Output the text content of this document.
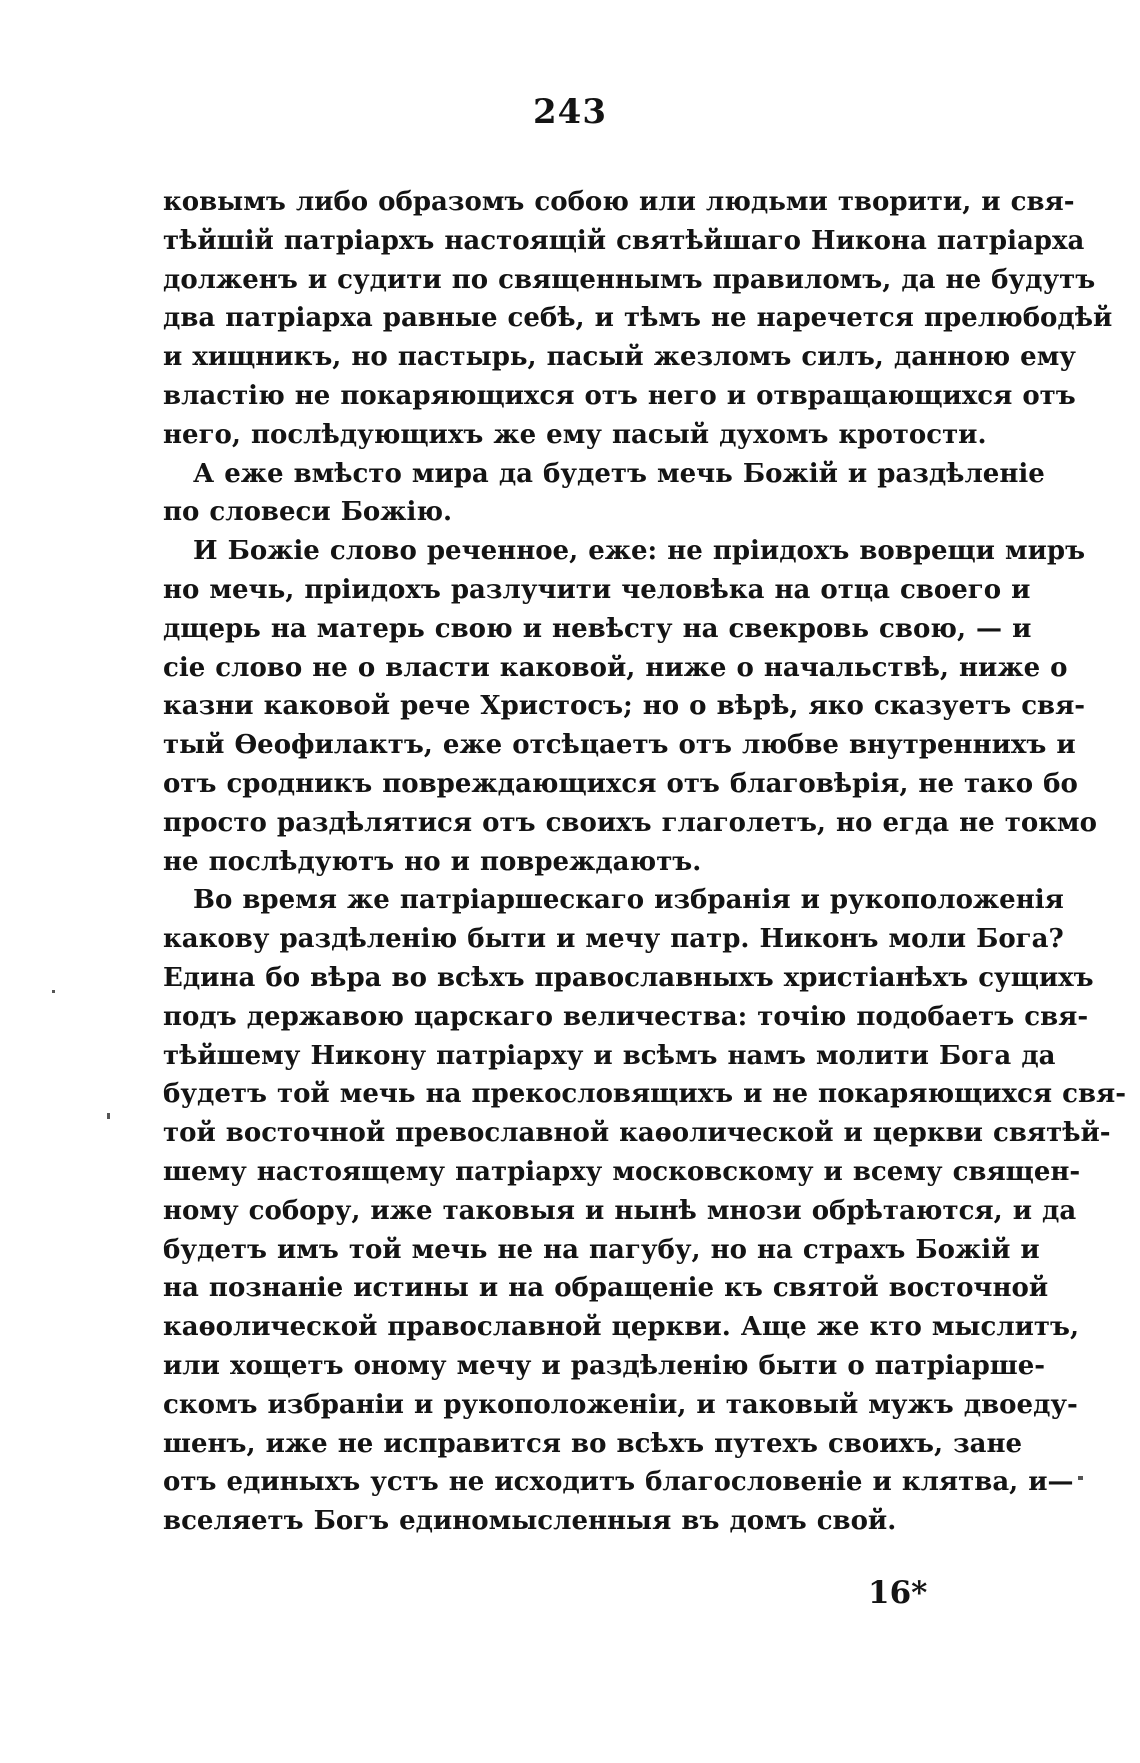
243
ковымъ либо образомъ собою или людьми творити, и свя-
тѣйшій патріархъ настоящій святѣйшаго Никона патріарха
долженъ и судити по священнымъ правиломъ, да не будутъ
два патріарха равные себѣ, и тѣмъ не наречется прелюбодѣй
и хищникъ, но пастырь, пасый жезломъ силъ, данною ему
властію не покаряющихся отъ него и отвращающихся отъ
него, послѣдующихъ же ему пасый духомъ кротости.
А еже вмѣсто мира да будетъ мечь Божій и раздѣленіе
по словеси Божію.
И Божіе слово реченное, еже: не пріидохъ воврещи миръ
но мечь, пріидохъ разлучити человѣка на отца своего и
дщерь на матерь свою и невѣсту на свекровь свою, — и
сіе слово не о власти каковой, ниже о начальствѣ, ниже о
казни каковой рече Христосъ; но о вѣрѣ, яко сказуетъ свя-
тый Ѳеофилактъ, еже отсѣцаетъ отъ любве внутреннихъ и
отъ сродникъ повреждающихся отъ благовѣрія, не тако бо
просто раздѣлятися отъ своихъ глаголетъ, но егда не токмо
не послѣдуютъ но и повреждаютъ.
Во время же патріаршескаго избранія и рукоположенія
какову раздѣленію быти и мечу патр. Никонъ моли Бога?
Едина бо вѣра во всѣхъ православныхъ христіанѣхъ сущихъ
подъ державою царскаго величества: точію подобаетъ свя-
тѣйшему Никону патріарху и всѣмъ намъ молити Бога да
будетъ той мечь на прекословящихъ и не покаряющихся свя-
той восточной превославной каѳолической и церкви святѣй-
шему настоящему патріарху московскому и всему священ-
ному собору, иже таковыя и нынѣ мнози обрѣтаются, и да
будетъ имъ той мечь не на пагубу, но на страхъ Божій и
на познаніе истины и на обращеніе къ святой восточной
каѳолической православной церкви. Аще же кто мыслитъ,
или хощетъ оному мечу и раздѣленію быти о патріарше-
скомъ избраніи и рукоположеніи, и таковый мужъ двоеду-
шенъ, иже не исправится во всѣхъ путехъ своихъ, зане
отъ единыхъ устъ не исходитъ благословеніе и клятва, и—
вселяетъ Богъ единомысленныя въ домъ свой.
16*
